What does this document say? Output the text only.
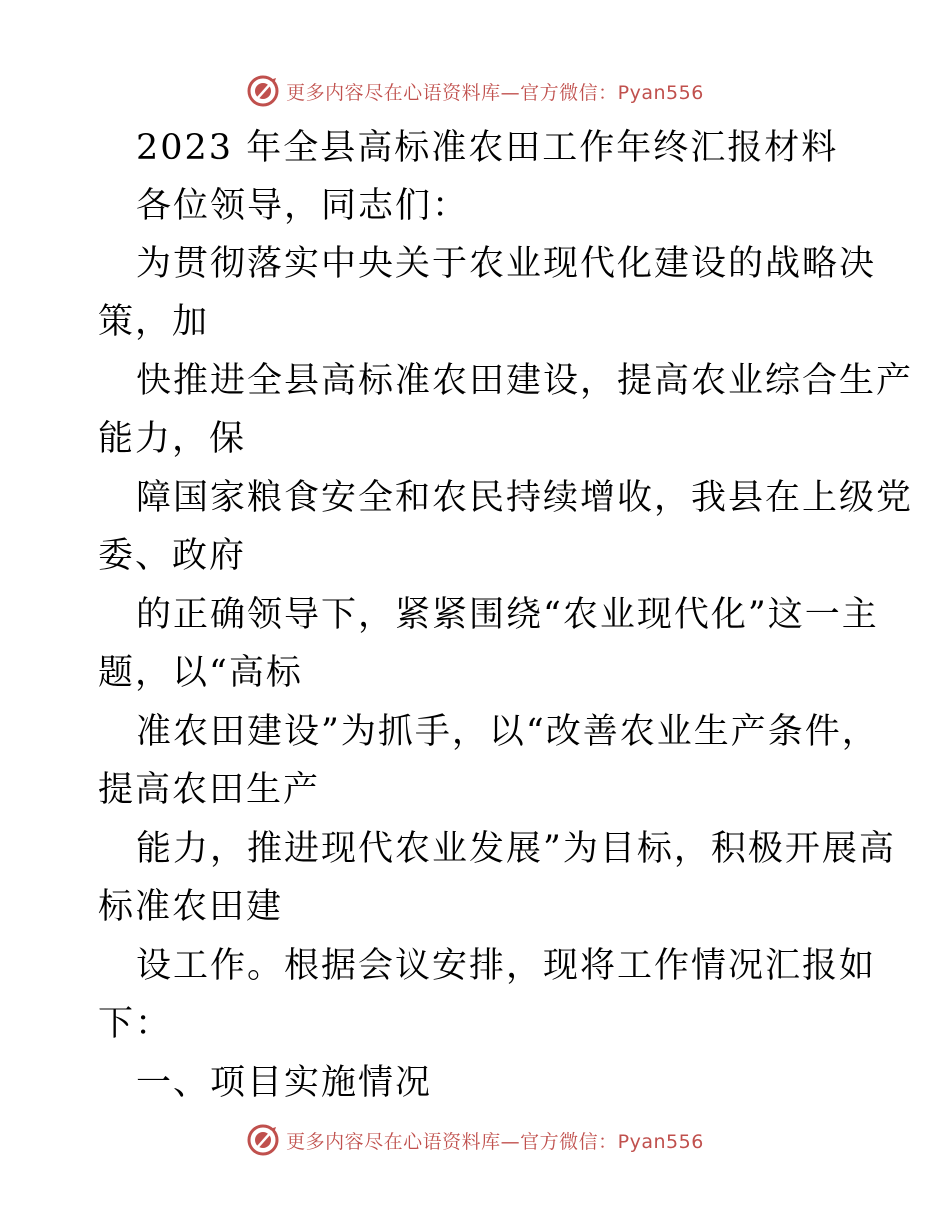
更多内容尽在心语资料库—官方微信：Pyan556
2023 年全县高标准农田工作年终汇报材料
各位领导，同志们：
为贯彻落实中央关于农业现代化建设的战略决
策，加
快推进全县高标准农田建设，提高农业综合生产
能力，保
障国家粮食安全和农民持续增收，我县在上级党
委、政府
的正确领导下，紧紧围绕“农业现代化”这一主
题，以“高标
准农田建设”为抓手，以“改善农业生产条件，
提高农田生产
能力，推进现代农业发展”为目标，积极开展高
标准农田建
设工作。根据会议安排，现将工作情况汇报如
下：
一、项目实施情况
更多内容尽在心语资料库—官方微信：Pyan556
